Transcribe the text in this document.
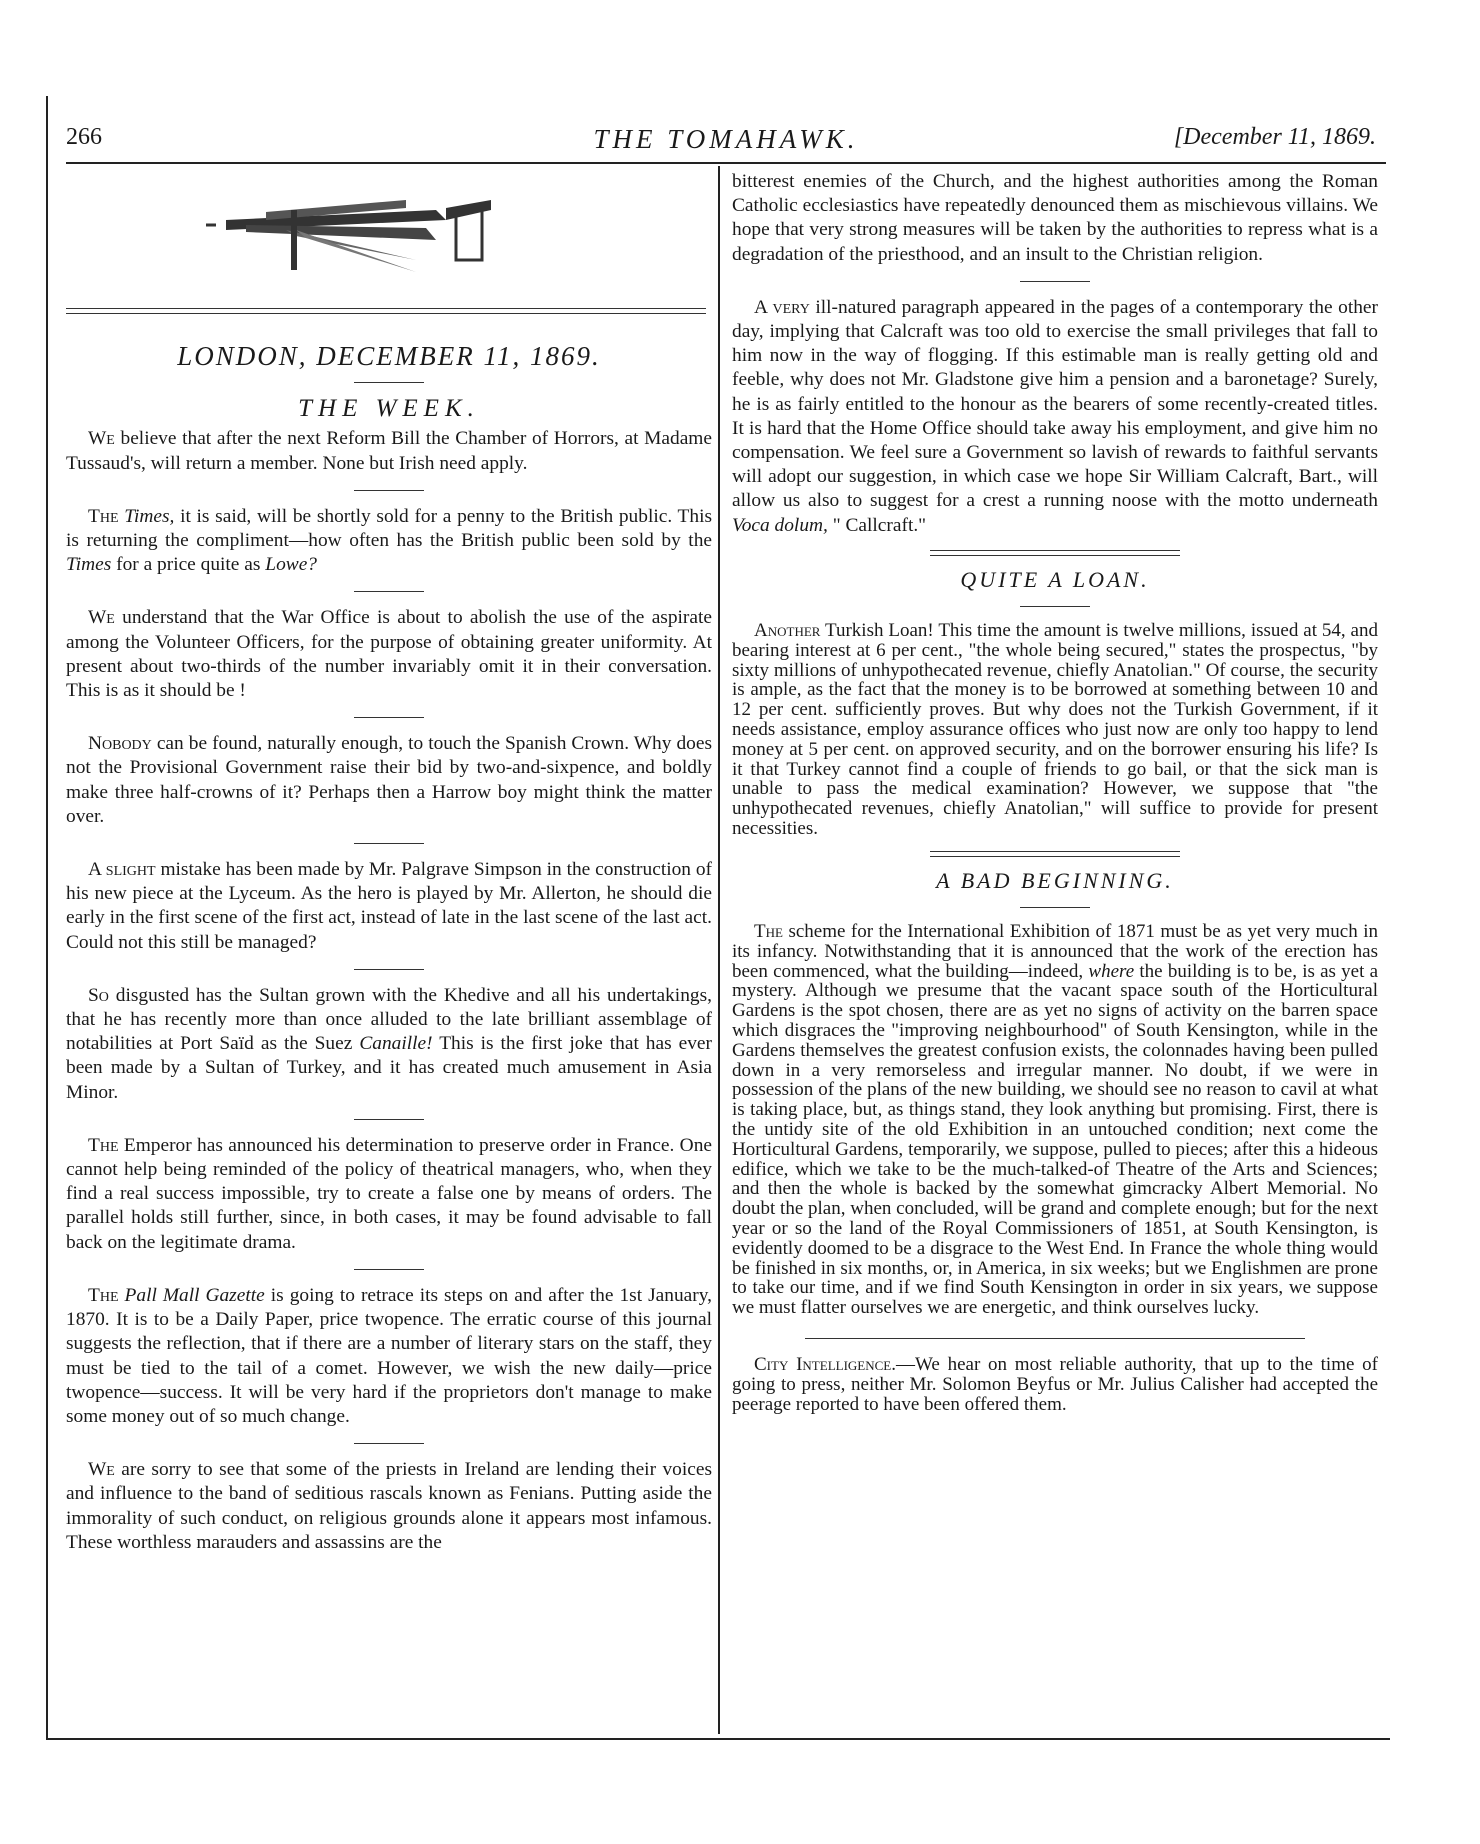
266	THE TOMAHAWK.	[December 11, 1869.
LONDON, DECEMBER 11, 1869.
THE WEEK.

We believe that after the next Reform Bill the Chamber of Horrors, at Madame Tussaud's, will return a member. None but Irish need apply.

The Times, it is said, will be shortly sold for a penny to the British public. This is returning the compliment—how often has the British public been sold by the Times for a price quite as Lowe?

We understand that the War Office is about to abolish the use of the aspirate among the Volunteer Officers, for the purpose of obtaining greater uniformity. At present about two-thirds of the number invariably omit it in their conversation. This is as it should be !

Nobody can be found, naturally enough, to touch the Spanish Crown. Why does not the Provisional Government raise their bid by two-and-sixpence, and boldly make three half-crowns of it? Perhaps then a Harrow boy might think the matter over.

A slight mistake has been made by Mr. Palgrave Simpson in the construction of his new piece at the Lyceum. As the hero is played by Mr. Allerton, he should die early in the first scene of the first act, instead of late in the last scene of the last act. Could not this still be managed?

So disgusted has the Sultan grown with the Khedive and all his undertakings, that he has recently more than once alluded to the late brilliant assemblage of notabilities at Port Saïd as the Suez Canaille! This is the first joke that has ever been made by a Sultan of Turkey, and it has created much amusement in Asia Minor.

The Emperor has announced his determination to preserve order in France. One cannot help being reminded of the policy of theatrical managers, who, when they find a real success impossible, try to create a false one by means of orders. The parallel holds still further, since, in both cases, it may be found advisable to fall back on the legitimate drama.

The Pall Mall Gazette is going to retrace its steps on and after the 1st January, 1870. It is to be a Daily Paper, price twopence. The erratic course of this journal suggests the reflection, that if there are a number of literary stars on the staff, they must be tied to the tail of a comet. However, we wish the new daily—price twopence—success. It will be very hard if the proprietors don't manage to make some money out of so much change.

We are sorry to see that some of the priests in Ireland are lending their voices and influence to the band of seditious rascals known as Fenians. Putting aside the immorality of such conduct, on religious grounds alone it appears most infamous. These worthless marauders and assassins are the

bitterest enemies of the Church, and the highest authorities among the Roman Catholic ecclesiastics have repeatedly denounced them as mischievous villains. We hope that very strong measures will be taken by the authorities to repress what is a degradation of the priesthood, and an insult to the Christian religion.

A very ill-natured paragraph appeared in the pages of a contemporary the other day, implying that Calcraft was too old to exercise the small privileges that fall to him now in the way of flogging. If this estimable man is really getting old and feeble, why does not Mr. Gladstone give him a pension and a baronetage? Surely, he is as fairly entitled to the honour as the bearers of some recently-created titles. It is hard that the Home Office should take away his employment, and give him no compensation. We feel sure a Government so lavish of rewards to faithful servants will adopt our suggestion, in which case we hope Sir William Calcraft, Bart., will allow us also to suggest for a crest a running noose with the motto underneath Voca dolum, " Callcraft."

QUITE A LOAN.

Another Turkish Loan! This time the amount is twelve millions, issued at 54, and bearing interest at 6 per cent., "the whole being secured," states the prospectus, "by sixty millions of unhypothecated revenue, chiefly Anatolian." Of course, the security is ample, as the fact that the money is to be borrowed at something between 10 and 12 per cent. sufficiently proves. But why does not the Turkish Government, if it needs assistance, employ assurance offices who just now are only too happy to lend money at 5 per cent. on approved security, and on the borrower ensuring his life? Is it that Turkey cannot find a couple of friends to go bail, or that the sick man is unable to pass the medical examination? However, we suppose that "the unhypothecated revenues, chiefly Anatolian," will suffice to provide for present necessities.

A BAD BEGINNING.

The scheme for the International Exhibition of 1871 must be as yet very much in its infancy. Notwithstanding that it is announced that the work of the erection has been commenced, what the building—indeed, where the building is to be, is as yet a mystery. Although we presume that the vacant space south of the Horticultural Gardens is the spot chosen, there are as yet no signs of activity on the barren space which disgraces the "improving neighbourhood" of South Kensington, while in the Gardens themselves the greatest confusion exists, the colonnades having been pulled down in a very remorseless and irregular manner. No doubt, if we were in possession of the plans of the new building, we should see no reason to cavil at what is taking place, but, as things stand, they look anything but promising. First, there is the untidy site of the old Exhibition in an untouched condition; next come the Horticultural Gardens, temporarily, we suppose, pulled to pieces; after this a hideous edifice, which we take to be the much-talked-of Theatre of the Arts and Sciences; and then the whole is backed by the somewhat gimcracky Albert Memorial. No doubt the plan, when concluded, will be grand and complete enough; but for the next year or so the land of the Royal Commissioners of 1851, at South Kensington, is evidently doomed to be a disgrace to the West End. In France the whole thing would be finished in six months, or, in America, in six weeks; but we Englishmen are prone to take our time, and if we find South Kensington in order in six years, we suppose we must flatter ourselves we are energetic, and think ourselves lucky.

City Intelligence.—We hear on most reliable authority, that up to the time of going to press, neither Mr. Solomon Beyfus or Mr. Julius Calisher had accepted the peerage reported to have been offered them.
